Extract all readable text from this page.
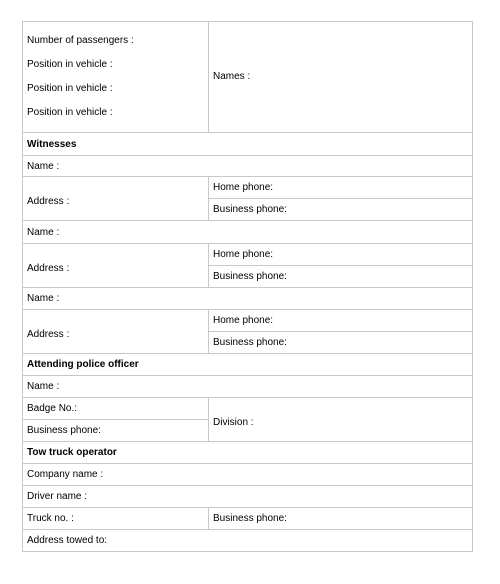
Number of passengers :
Position in vehicle :
Position in vehicle :
Position in vehicle :	Names :

Witnesses	
Name :	
Address :	Home phone:
	Business phone:
Name :	
Address :	Home phone:
	Business phone:
Name :	
Address :	Home phone:
	Business phone:
Attending police officer	
Name :	
Badge No.:	Division :
Business phone:	
Tow truck operator	
Company name :	
Driver name :	
Truck no. :	Business phone:
Address towed to:	
